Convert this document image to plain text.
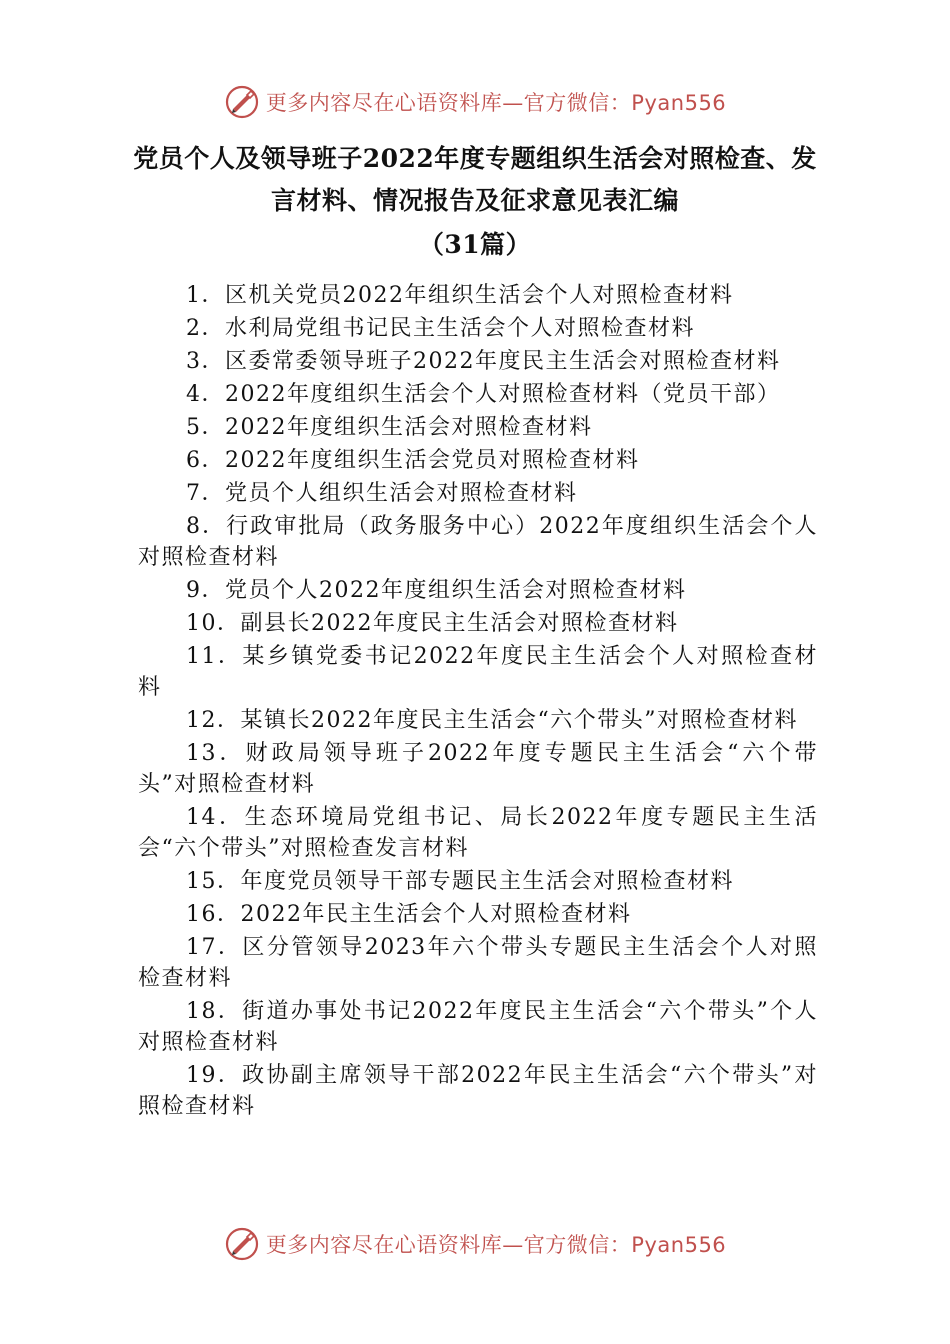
更多内容尽在心语资料库—官方微信：Pyan556
党员个人及领导班子2022年度专题组织生活会对照检查、发
言材料、情况报告及征求意见表汇编
（31篇）
1．区机关党员2022年组织生活会个人对照检查材料
2．水利局党组书记民主生活会个人对照检查材料
3．区委常委领导班子2022年度民主生活会对照检查材料
4．2022年度组织生活会个人对照检查材料（党员干部）
5．2022年度组织生活会对照检查材料
6．2022年度组织生活会党员对照检查材料
7．党员个人组织生活会对照检查材料
8．行政审批局（政务服务中心）2022年度组织生活会个人对照检查材料
9．党员个人2022年度组织生活会对照检查材料
10．副县长2022年度民主生活会对照检查材料
11．某乡镇党委书记2022年度民主生活会个人对照检查材料
12．某镇长2022年度民主生活会“六个带头”对照检查材料
13．财政局领导班子2022年度专题民主生活会“六个带头”对照检查材料
14．生态环境局党组书记、局长2022年度专题民主生活会“六个带头”对照检查发言材料
15．年度党员领导干部专题民主生活会对照检查材料
16．2022年民主生活会个人对照检查材料
17．区分管领导2023年六个带头专题民主生活会个人对照检查材料
18．街道办事处书记2022年度民主生活会“六个带头”个人对照检查材料
19．政协副主席领导干部2022年民主生活会“六个带头”对照检查材料
更多内容尽在心语资料库—官方微信：Pyan556
